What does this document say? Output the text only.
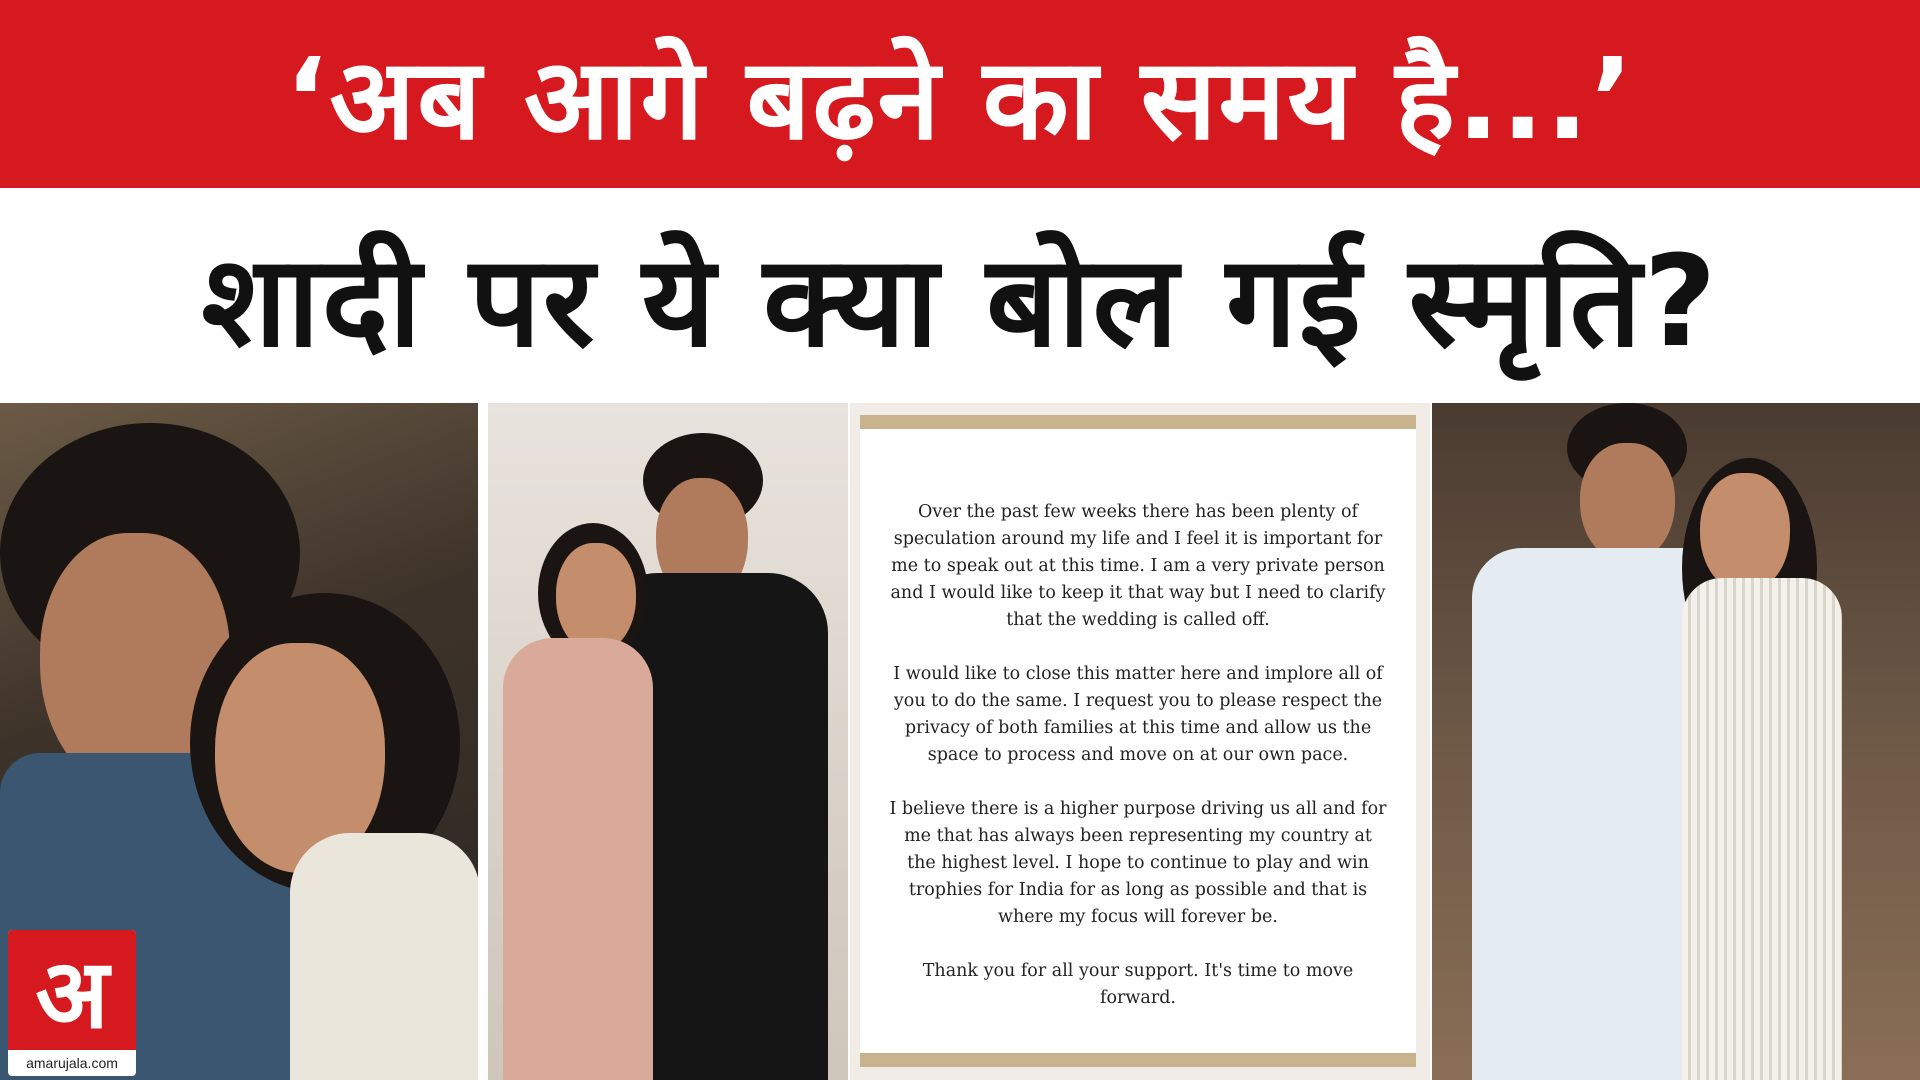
‘अब आगे बढ़ने का समय है...’
शादी पर ये क्या बोल गई स्मृति?

Over the past few weeks there has been plenty of speculation around my life and I feel it is important for me to speak out at this time. I am a very private person and I would like to keep it that way but I need to clarify that the wedding is called off.

I would like to close this matter here and implore all of you to do the same. I request you to please respect the privacy of both families at this time and allow us the space to process and move on at our own pace.

I believe there is a higher purpose driving us all and for me that has always been representing my country at the highest level. I hope to continue to play and win trophies for India for as long as possible and that is where my focus will forever be.

Thank you for all your support. It's time to move forward.

अ
amarujala.com
